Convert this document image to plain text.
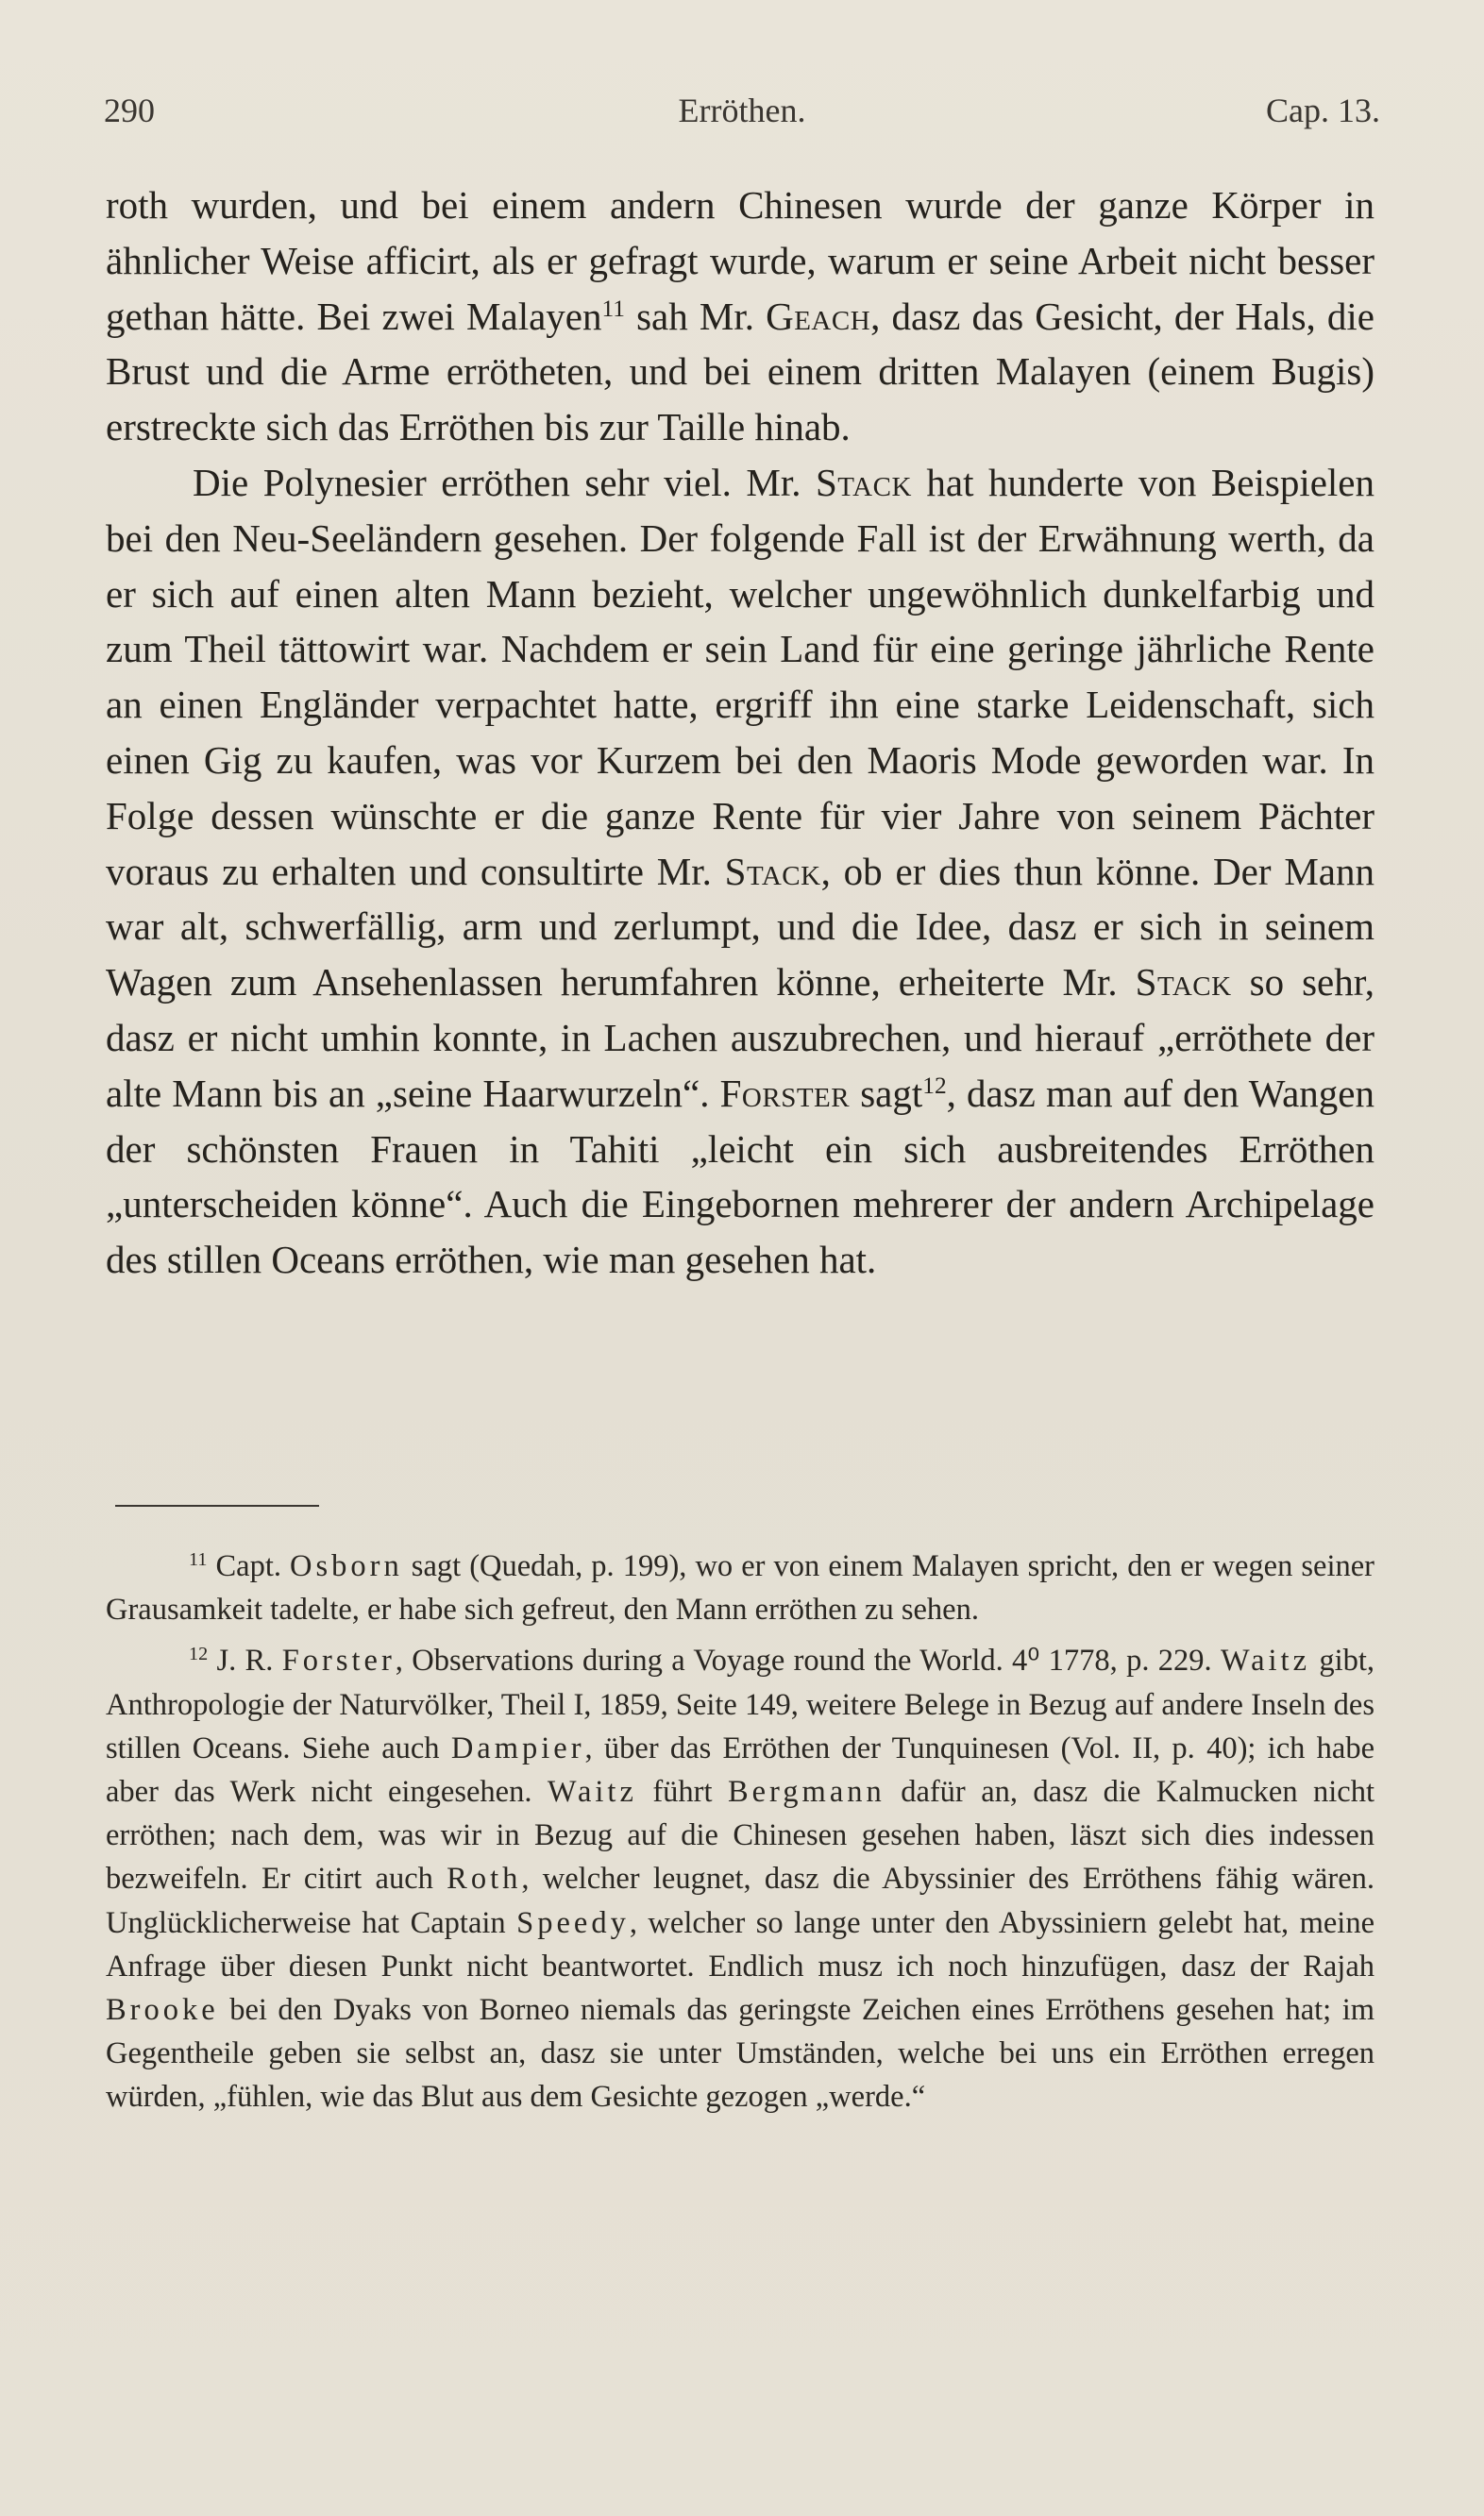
290	Erröthen.	Cap. 13.

roth wurden, und bei einem andern Chinesen wurde der ganze Körper in ähnlicher Weise afficirt, als er gefragt wurde, warum er seine Arbeit nicht besser gethan hätte. Bei zwei Malayen$^{11}$ sah Mr. Geach, dasz das Gesicht, der Hals, die Brust und die Arme errötheten, und bei einem dritten Malayen (einem Bugis) erstreckte sich das Erröthen bis zur Taille hinab.

Die Polynesier erröthen sehr viel. Mr. Stack hat hunderte von Beispielen bei den Neu-Seeländern gesehen. Der folgende Fall ist der Erwähnung werth, da er sich auf einen alten Mann bezieht, welcher ungewöhnlich dunkelfarbig und zum Theil tättowirt war. Nachdem er sein Land für eine geringe jährliche Rente an einen Engländer verpachtet hatte, ergriff ihn eine starke Leidenschaft, sich einen Gig zu kaufen, was vor Kurzem bei den Maoris Mode geworden war. In Folge dessen wünschte er die ganze Rente für vier Jahre von seinem Pächter voraus zu erhalten und consultirte Mr. Stack, ob er dies thun könne. Der Mann war alt, schwerfällig, arm und zerlumpt, und die Idee, dasz er sich in seinem Wagen zum Ansehenlassen herumfahren könne, erheiterte Mr. Stack so sehr, dasz er nicht umhin konnte, in Lachen auszubrechen, und hierauf „erröthete der alte Mann bis an „seine Haarwurzeln“. Forster sagt$^{12}$, dasz man auf den Wangen der schönsten Frauen in Tahiti „leicht ein sich ausbreitendes Erröthen „unterscheiden könne“. Auch die Eingebornen mehrerer der andern Archipelage des stillen Oceans erröthen, wie man gesehen hat.

$^{11}$ Capt. Osborn sagt (Quedah, p. 199), wo er von einem Malayen spricht, den er wegen seiner Grausamkeit tadelte, er habe sich gefreut, den Mann erröthen zu sehen.

$^{12}$ J. R. Forster, Observations during a Voyage round the World. 4⁰ 1778, p. 229. Waitz gibt, Anthropologie der Naturvölker, Theil I, 1859, Seite 149, weitere Belege in Bezug auf andere Inseln des stillen Oceans. Siehe auch Dampier, über das Erröthen der Tunquinesen (Vol. II, p. 40); ich habe aber das Werk nicht eingesehen. Waitz führt Bergmann dafür an, dasz die Kalmucken nicht erröthen; nach dem, was wir in Bezug auf die Chinesen gesehen haben, läszt sich dies indessen bezweifeln. Er citirt auch Roth, welcher leugnet, dasz die Abyssinier des Erröthens fähig wären. Unglücklicherweise hat Captain Speedy, welcher so lange unter den Abyssiniern gelebt hat, meine Anfrage über diesen Punkt nicht beantwortet. Endlich musz ich noch hinzufügen, dasz der Rajah Brooke bei den Dyaks von Borneo niemals das geringste Zeichen eines Erröthens gesehen hat; im Gegentheile geben sie selbst an, dasz sie unter Umständen, welche bei uns ein Erröthen erregen würden, „fühlen, wie das Blut aus dem Gesichte gezogen „werde.“
